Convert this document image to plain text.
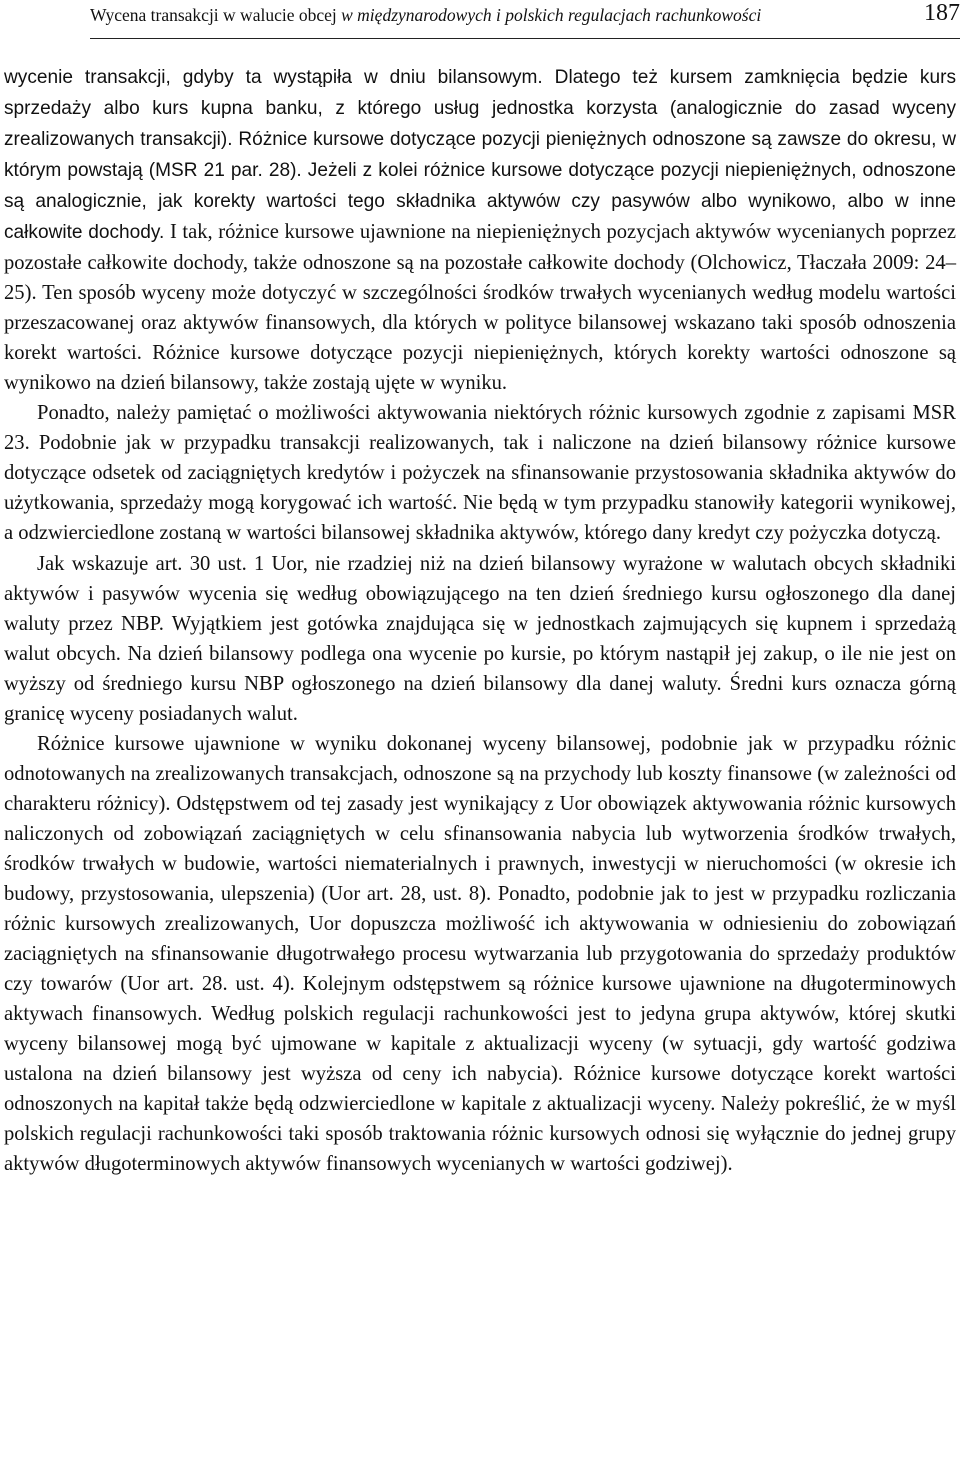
Wycena transakcji w walucie obcej w międzynarodowych i polskich regulacjach rachunkowości	187

wycenie transakcji, gdyby ta wystąpiła w dniu bilansowym. Dlatego też kursem zamknięcia będzie kurs sprzedaży albo kurs kupna banku, z którego usług jednostka korzysta (analogicznie do zasad wyceny zrealizowanych transakcji). Różnice kursowe dotyczące pozycji pieniężnych odnoszone są zawsze do okresu, w którym powstają (MSR 21 par. 28). Jeżeli z kolei różnice kursowe dotyczące pozycji niepieniężnych, odnoszone są analogicznie, jak korekty wartości tego składnika aktywów czy pasywów albo wynikowo, albo w inne całkowite dochody. I tak, różnice kursowe ujawnione na niepieniężnych pozycjach aktywów wycenianych poprzez pozostałe całkowite dochody, także odnoszone są na pozostałe całkowite dochody (Olchowicz, Tłaczała 2009: 24–25). Ten sposób wyceny może dotyczyć w szczególności środków trwałych wycenianych według modelu wartości przeszacowanej oraz aktywów finansowych, dla których w polityce bilansowej wskazano taki sposób odnoszenia korekt wartości. Różnice kursowe dotyczące pozycji niepieniężnych, których korekty wartości odnoszone są wynikowo na dzień bilansowy, także zostają ujęte w wyniku.

Ponadto, należy pamiętać o możliwości aktywowania niektórych różnic kursowych zgodnie z zapisami MSR 23. Podobnie jak w przypadku transakcji realizowanych, tak i naliczone na dzień bilansowy różnice kursowe dotyczące odsetek od zaciągniętych kredytów i pożyczek na sfinansowanie przystosowania składnika aktywów do użytkowania, sprzedaży mogą korygować ich wartość. Nie będą w tym przypadku stanowiły kategorii wynikowej, a odzwierciedlone zostaną w wartości bilansowej składnika aktywów, którego dany kredyt czy pożyczka dotyczą.

Jak wskazuje art. 30 ust. 1 Uor, nie rzadziej niż na dzień bilansowy wyrażone w walutach obcych składniki aktywów i pasywów wycenia się według obowiązującego na ten dzień średniego kursu ogłoszonego dla danej waluty przez NBP. Wyjątkiem jest gotówka znajdująca się w jednostkach zajmujących się kupnem i sprzedażą walut obcych. Na dzień bilansowy podlega ona wycenie po kursie, po którym nastąpił jej zakup, o ile nie jest on wyższy od średniego kursu NBP ogłoszonego na dzień bilansowy dla danej waluty. Średni kurs oznacza górną granicę wyceny posiadanych walut.

Różnice kursowe ujawnione w wyniku dokonanej wyceny bilansowej, podobnie jak w przypadku różnic odnotowanych na zrealizowanych transakcjach, odnoszone są na przychody lub koszty finansowe (w zależności od charakteru różnicy). Odstępstwem od tej zasady jest wynikający z Uor obowiązek aktywowania różnic kursowych naliczonych od zobowiązań zaciągniętych w celu sfinansowania nabycia lub wytworzenia środków trwałych, środków trwałych w budowie, wartości niematerialnych i prawnych, inwestycji w nieruchomości (w okresie ich budowy, przystosowania, ulepszenia) (Uor art. 28, ust. 8). Ponadto, podobnie jak to jest w przypadku rozliczania różnic kursowych zrealizowanych, Uor dopuszcza możliwość ich aktywowania w odniesieniu do zobowiązań zaciągniętych na sfinansowanie długotrwałego procesu wytwarzania lub przygotowania do sprzedaży produktów czy towarów (Uor art. 28. ust. 4). Kolejnym odstępstwem są różnice kursowe ujawnione na długoterminowych aktywach finansowych. Według polskich regulacji rachunkowości jest to jedyna grupa aktywów, której skutki wyceny bilansowej mogą być ujmowane w kapitale z aktualizacji wyceny (w sytuacji, gdy wartość godziwa ustalona na dzień bilansowy jest wyższa od ceny ich nabycia). Różnice kursowe dotyczące korekt wartości odnoszonych na kapitał także będą odzwierciedlone w kapitale z aktualizacji wyceny. Należy pokreślić, że w myśl polskich regulacji rachunkowości taki sposób traktowania różnic kursowych odnosi się wyłącznie do jednej grupy aktywów długoterminowych aktywów finansowych wycenianych w wartości godziwej).
